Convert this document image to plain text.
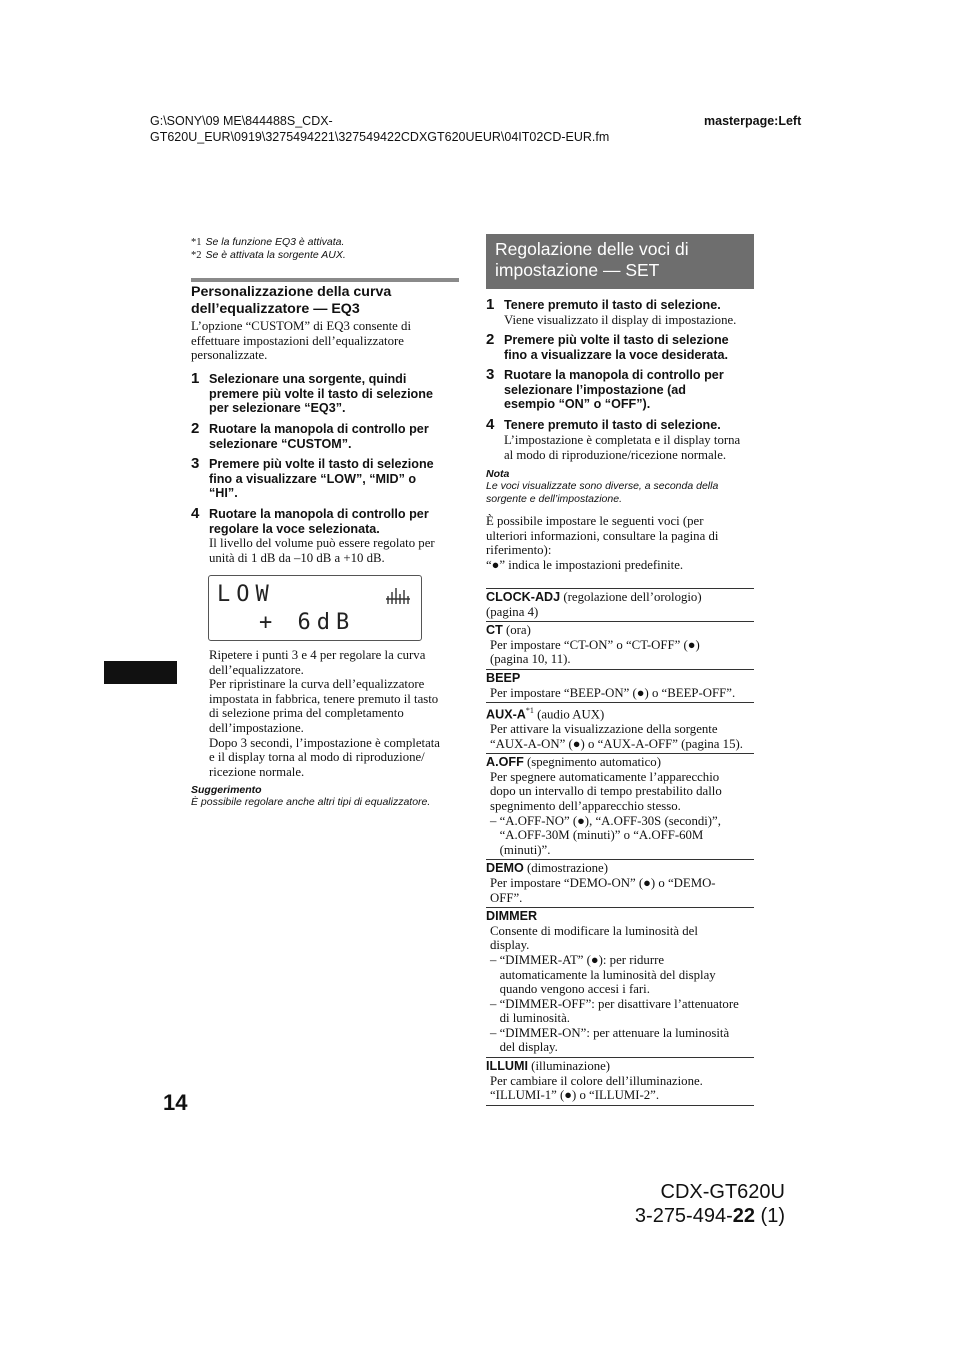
G:\SONY\09 ME\844488S_CDX-
GT620U_EUR\0919\3275494221\327549422CDXGT620UEUR\04IT02CD-EUR.fm
masterpage:Left
*1 Se la funzione EQ3 è attivata.
*2 Se è attivata la sorgente AUX.
Personalizzazione della curva
dell’equalizzatore — EQ3
L’opzione “CUSTOM” di EQ3 consente di
effettuare impostazioni dell’equalizzatore
personalizzate.
1 Selezionare una sorgente, quindi
premere più volte il tasto di selezione
per selezionare “EQ3”.
2 Ruotare la manopola di controllo per
selezionare “CUSTOM”.
3 Premere più volte il tasto di selezione
fino a visualizzare “LOW”, “MID” o
“HI”.
4 Ruotare la manopola di controllo per
regolare la voce selezionata.
Il livello del volume può essere regolato per
unità di 1 dB da –10 dB a +10 dB.
LOW
+ 6dB
Ripetere i punti 3 e 4 per regolare la curva
dell’equalizzatore.
Per ripristinare la curva dell’equalizzatore
impostata in fabbrica, tenere premuto il tasto
di selezione prima del completamento
dell’impostazione.
Dopo 3 secondi, l’impostazione è completata
e il display torna al modo di riproduzione/
ricezione normale.
Suggerimento
È possibile regolare anche altri tipi di equalizzatore.
14
Regolazione delle voci di
impostazione — SET
1 Tenere premuto il tasto di selezione.
Viene visualizzato il display di impostazione.
2 Premere più volte il tasto di selezione
fino a visualizzare la voce desiderata.
3 Ruotare la manopola di controllo per
selezionare l’impostazione (ad
esempio “ON” o “OFF”).
4 Tenere premuto il tasto di selezione.
L’impostazione è completata e il display torna
al modo di riproduzione/ricezione normale.
Nota
Le voci visualizzate sono diverse, a seconda della
sorgente e dell’impostazione.
È possibile impostare le seguenti voci (per
ulteriori informazioni, consultare la pagina di
riferimento):
“●” indica le impostazioni predefinite.
CLOCK-ADJ (regolazione dell’orologio)
(pagina 4)
CT (ora)
Per impostare “CT-ON” o “CT-OFF” (●)
(pagina 10, 11).
BEEP
Per impostare “BEEP-ON” (●) o “BEEP-OFF”.
AUX-$A^{*1}$ (audio AUX)
Per attivare la visualizzazione della sorgente
“AUX-A-ON” (●) o “AUX-A-OFF” (pagina 15).
A.OFF (spegnimento automatico)
Per spegnere automaticamente l’apparecchio
dopo un intervallo di tempo prestabilito dallo
spegnimento dell’apparecchio stesso.
– “A.OFF-NO” (●), “A.OFF-30S (secondi)”,
“A.OFF-30M (minuti)” o “A.OFF-60M
(minuti)”.
DEMO (dimostrazione)
Per impostare “DEMO-ON” (●) o “DEMO-
OFF”.
DIMMER
Consente di modificare la luminosità del
display.
– “DIMMER-AT” (●): per ridurre
automaticamente la luminosità del display
quando vengono accesi i fari.
– “DIMMER-OFF”: per disattivare l’attenuatore
di luminosità.
– “DIMMER-ON”: per attenuare la luminosità
del display.
ILLUMI (illuminazione)
Per cambiare il colore dell’illuminazione.
“ILLUMI-1” (●) o “ILLUMI-2”.
CDX-GT620U
3-275-494-22 (1)
